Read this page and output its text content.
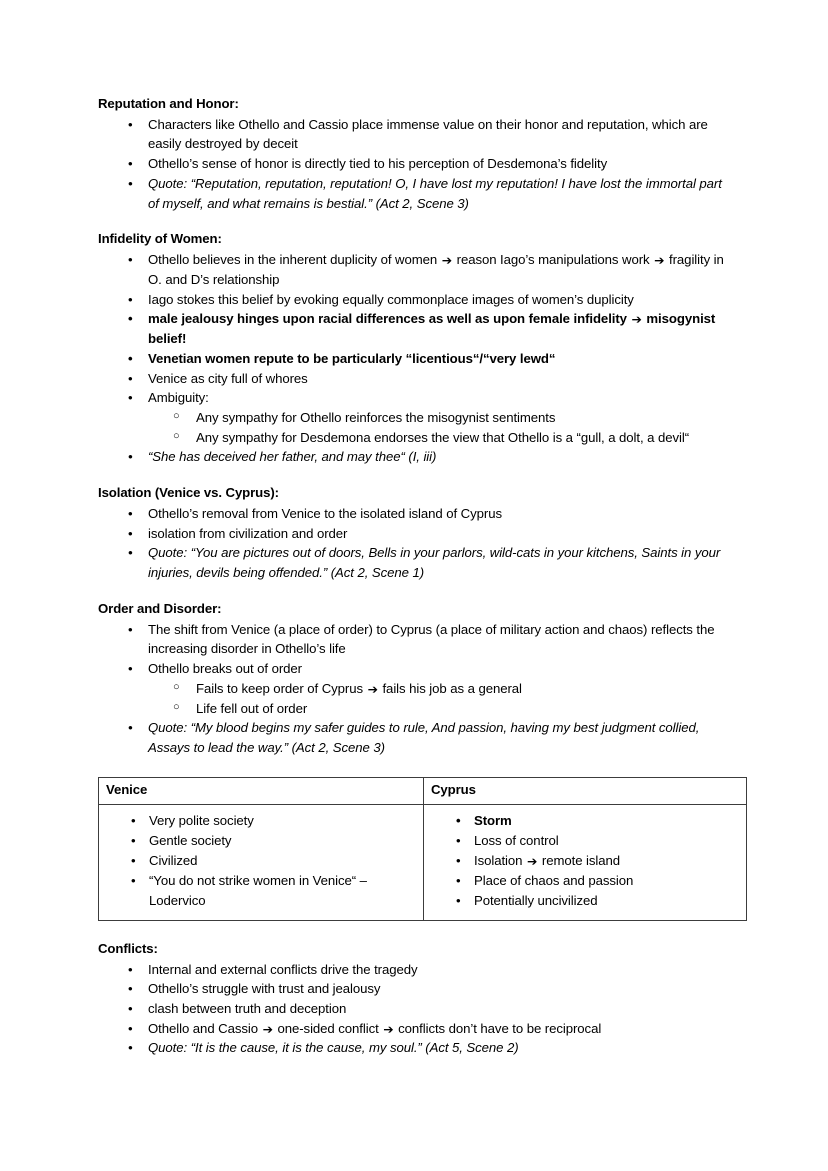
Reputation and Honor:
•	Characters like Othello and Cassio place immense value on their honor and reputation, which are easily destroyed by deceit
•	Othello’s sense of honor is directly tied to his perception of Desdemona’s fidelity
•	Quote: “Reputation, reputation, reputation! O, I have lost my reputation! I have lost the immortal part of myself, and what remains is bestial.” (Act 2, Scene 3)
Infidelity of Women:
•	Othello believes in the inherent duplicity of women ➔ reason Iago’s manipulations work ➔ fragility in O. and D’s relationship
•	Iago stokes this belief by evoking equally commonplace images of women’s duplicity
•	male jealousy hinges upon racial differences as well as upon female infidelity ➔ misogynist belief!
•	Venetian women repute to be particularly “licentious“/“very lewd“
•	Venice as city full of whores
•	Ambiguity:
○ Any sympathy for Othello reinforces the misogynist sentiments
○ Any sympathy for Desdemona endorses the view that Othello is a “gull, a dolt, a devil“
•	“She has deceived her father, and may thee“ (I, iii)
Isolation (Venice vs. Cyprus):
•	Othello’s removal from Venice to the isolated island of Cyprus
•	isolation from civilization and order
•	Quote: “You are pictures out of doors, Bells in your parlors, wild-cats in your kitchens, Saints in your injuries, devils being offended.” (Act 2, Scene 1)
Order and Disorder:
•	The shift from Venice (a place of order) to Cyprus (a place of military action and chaos) reflects the increasing disorder in Othello’s life
•	Othello breaks out of order
○ Fails to keep order of Cyprus ➔ fails his job as a general
○ Life fell out of order
•	Quote: “My blood begins my safer guides to rule, And passion, having my best judgment collied, Assays to lead the way.” (Act 2, Scene 3)
Venice	Cyprus

• Very polite society
• Gentle society
• Civilized
• “You do not strike women in Venice“ – Lodervico

• Storm
• Loss of control
• Isolation ➔ remote island
• Place of chaos and passion
• Potentially uncivilized
Conflicts:
•	Internal and external conflicts drive the tragedy
•	Othello’s struggle with trust and jealousy
•	clash between truth and deception
•	Othello and Cassio ➔ one-sided conflict ➔ conflicts don’t have to be reciprocal
•	Quote: “It is the cause, it is the cause, my soul.” (Act 5, Scene 2)
